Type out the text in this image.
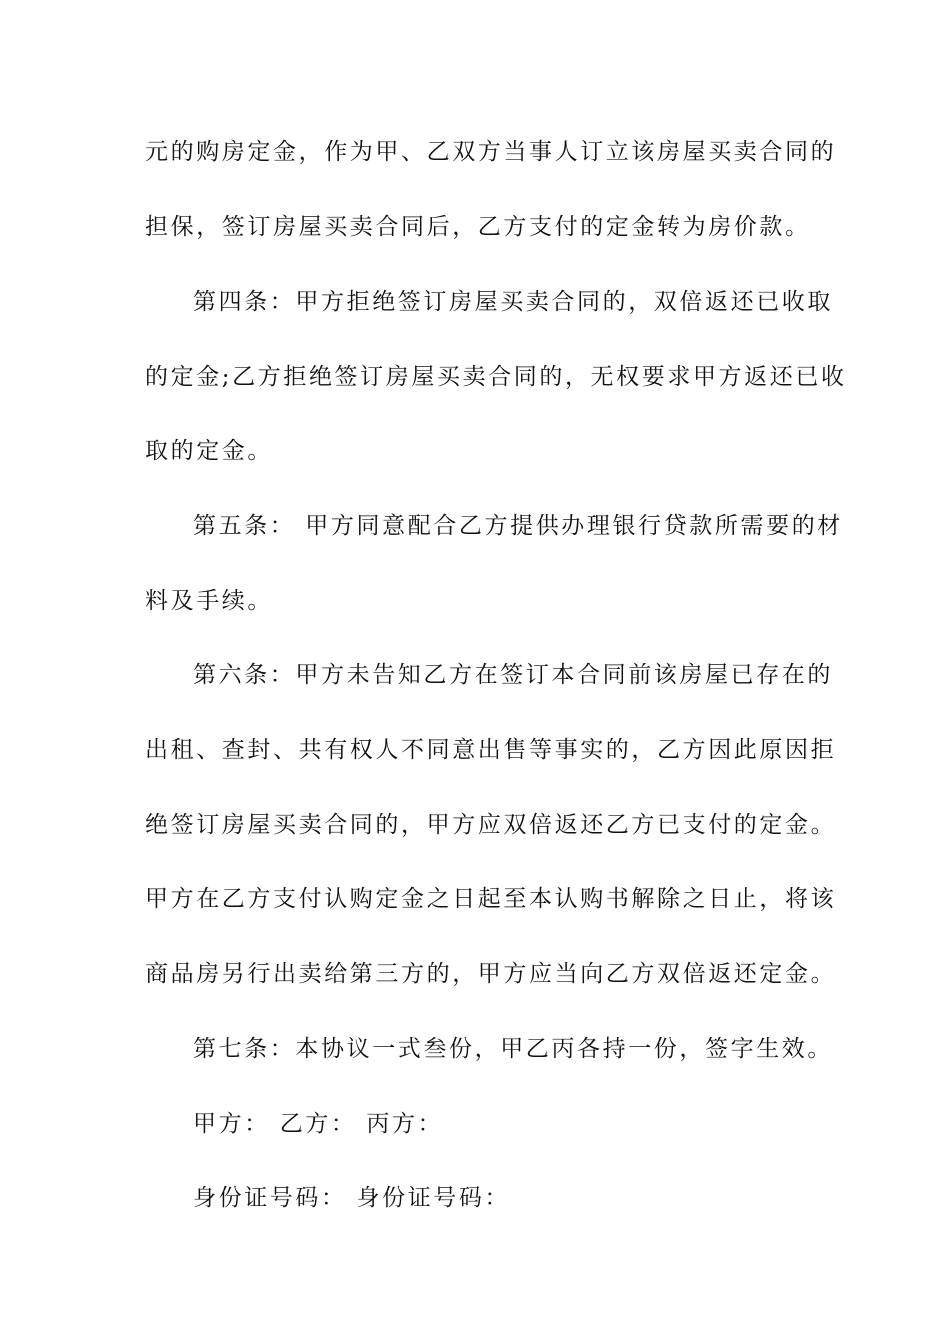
元的购房定金，作为甲、乙双方当事人订立该房屋买卖合同的
担保，签订房屋买卖合同后，乙方支付的定金转为房价款。
第四条：甲方拒绝签订房屋买卖合同的，双倍返还已收取
的定金;乙方拒绝签订房屋买卖合同的，无权要求甲方返还已收
取的定金。
第五条： 甲方同意配合乙方提供办理银行贷款所需要的材
料及手续。
第六条：甲方未告知乙方在签订本合同前该房屋已存在的
出租、查封、共有权人不同意出售等事实的，乙方因此原因拒
绝签订房屋买卖合同的，甲方应双倍返还乙方已支付的定金。
甲方在乙方支付认购定金之日起至本认购书解除之日止，将该
商品房另行出卖给第三方的，甲方应当向乙方双倍返还定金。
第七条：本协议一式叁份，甲乙丙各持一份，签字生效。
甲方： 乙方： 丙方：
身份证号码： 身份证号码：
